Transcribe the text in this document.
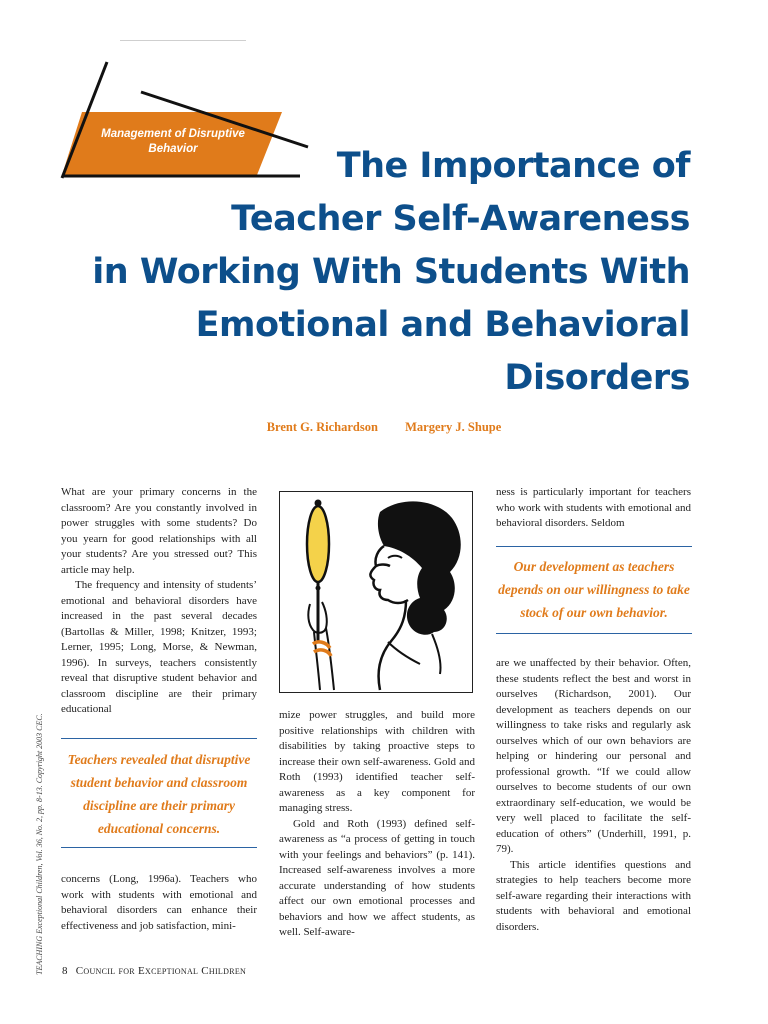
Management of Disruptive
Behavior	The Importance of
Teacher Self-Awareness
in Working With Students With
Emotional and Behavioral
Disorders
Brent G. Richardson Margery J. Shupe
TEACHING Exceptional Children, Vol. 36, No. 2, pp. 8-13. Copyright 2003 CEC.

What are your primary concerns in the classroom? Are you constantly involved in power struggles with some students? Do you yearn for good relationships with all your students? Are you stressed out? This article may help.

The frequency and intensity of students’ emotional and behavioral disorders have increased in the past several decades (Bartollas & Miller, 1998; Knitzer, 1993; Lerner, 1995; Long, Morse, & Newman, 1996). In surveys, teachers consistently reveal that disruptive student behavior and classroom discipline are their primary educational

Teachers revealed that disruptive student behavior and classroom discipline are their primary educational concerns.

concerns (Long, 1996a). Teachers who work with students with emotional and behavioral disorders can enhance their effectiveness and job satisfaction, mini-

mize power struggles, and build more positive relationships with children with disabilities by taking proactive steps to increase their own self-awareness. Gold and Roth (1993) identified teacher self-awareness as a key component for managing stress.

Gold and Roth (1993) defined self-awareness as “a process of getting in touch with your feelings and behaviors” (p. 141). Increased self-awareness involves a more accurate understanding of how students affect our own emotional processes and behaviors and how we affect students, as well. Self-aware-

ness is particularly important for teachers who work with students with emotional and behavioral disorders. Seldom

Our development as teachers depends on our willingness to take stock of our own behavior.

are we unaffected by their behavior. Often, these students reflect the best and worst in ourselves (Richardson, 2001). Our development as teachers depends on our willingness to take risks and regularly ask ourselves which of our own behaviors are helping or hindering our personal and professional growth. “If we could allow ourselves to become students of our own extraordinary self-education, we would be very well placed to facilitate the self-education of others” (Underhill, 1991, p. 79).

This article identifies questions and strategies to help teachers become more self-aware regarding their interactions with students with behavioral and emotional disorders.

8 Council for Exceptional Children
